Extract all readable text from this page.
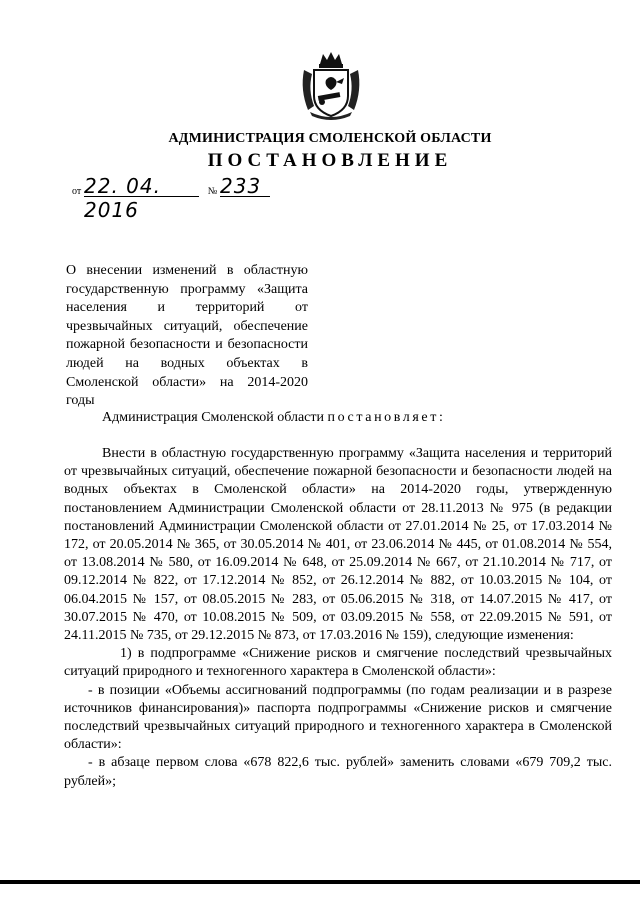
АДМИНИСТРАЦИЯ СМОЛЕНСКОЙ ОБЛАСТИ
ПОСТАНОВЛЕНИЕ
от 22. 04. 2016 № 233

О внесении изменений в областную государственную программу «Защита населения и территорий от чрезвычайных ситуаций, обеспечение пожарной безопасности и безопасности людей на водных объектах в Смоленской области» на 2014-2020 годы

Администрация Смоленской области постановляет:

Внести в областную государственную программу «Защита населения и территорий от чрезвычайных ситуаций, обеспечение пожарной безопасности и безопасности людей на водных объектах в Смоленской области» на 2014-2020 годы, утвержденную постановлением Администрации Смоленской области от 28.11.2013 № 975 (в редакции постановлений Администрации Смоленской области от 27.01.2014 № 25, от 17.03.2014 № 172, от 20.05.2014 № 365, от 30.05.2014 № 401, от 23.06.2014 № 445, от 01.08.2014 № 554, от 13.08.2014 № 580, от 16.09.2014 № 648, от 25.09.2014 № 667, от 21.10.2014 № 717, от 09.12.2014 № 822, от 17.12.2014 № 852, от 26.12.2014 № 882, от 10.03.2015 № 104, от 06.04.2015 № 157, от 08.05.2015 № 283, от 05.06.2015 № 318, от 14.07.2015 № 417, от 30.07.2015 № 470, от 10.08.2015 № 509, от 03.09.2015 № 558, от 22.09.2015 № 591, от 24.11.2015 № 735, от 29.12.2015 № 873, от 17.03.2016 № 159), следующие изменения:

1) в подпрограмме «Снижение рисков и смягчение последствий чрезвычайных ситуаций природного и техногенного характера в Смоленской области»:

- в позиции «Объемы ассигнований подпрограммы (по годам реализации и в разрезе источников финансирования)» паспорта подпрограммы «Снижение рисков и смягчение последствий чрезвычайных ситуаций природного и техногенного характера в Смоленской области»:

- в абзаце первом слова «678 822,6 тыс. рублей» заменить словами «679 709,2 тыс. рублей»;
